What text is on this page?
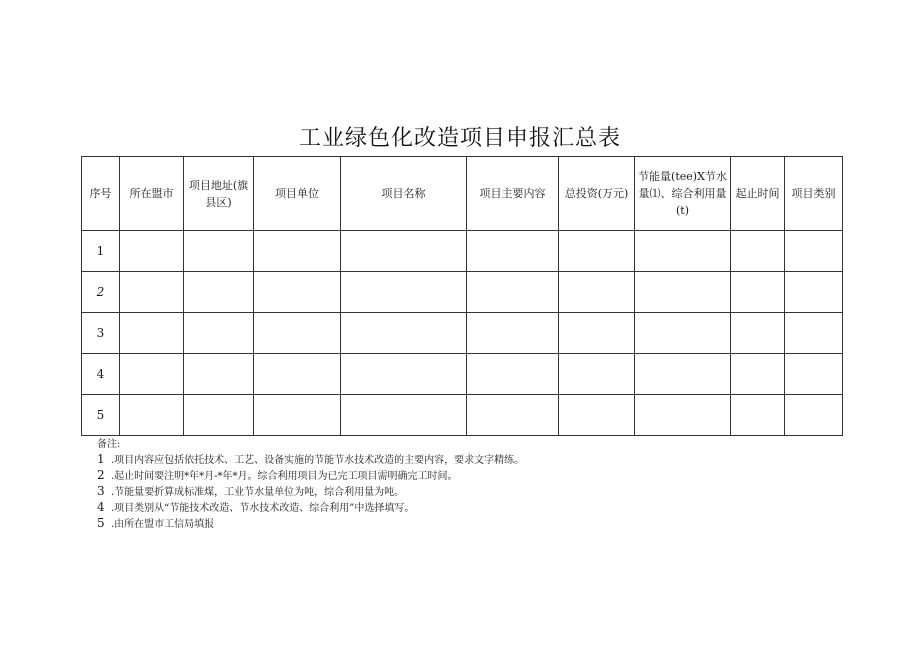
工业绿色化改造项目申报汇总表
序号	所在盟市	项目地址(旗县区)	项目单位	项目名称	项目主要内容	总投资(万元)	节能量(tee)X节水量⑴、综合利用量(t)	起止时间	项目类别
1									
2									
3									
4									
5									
备注:
1 .项目内容应包括依托技术、工艺、设备实施的节能节水技术改造的主要内容，要求文字精练。
2 .起止时间要注明*年*月-*年*月。综合利用项目为已完工项目需明确完工时间。
3 .节能量要折算成标准煤，工业节水量单位为吨，综合利用量为吨。
4 .项目类别从“节能技术改造、节水技术改造、综合利用”中选择填写。
5 .由所在盟市工信局填报
